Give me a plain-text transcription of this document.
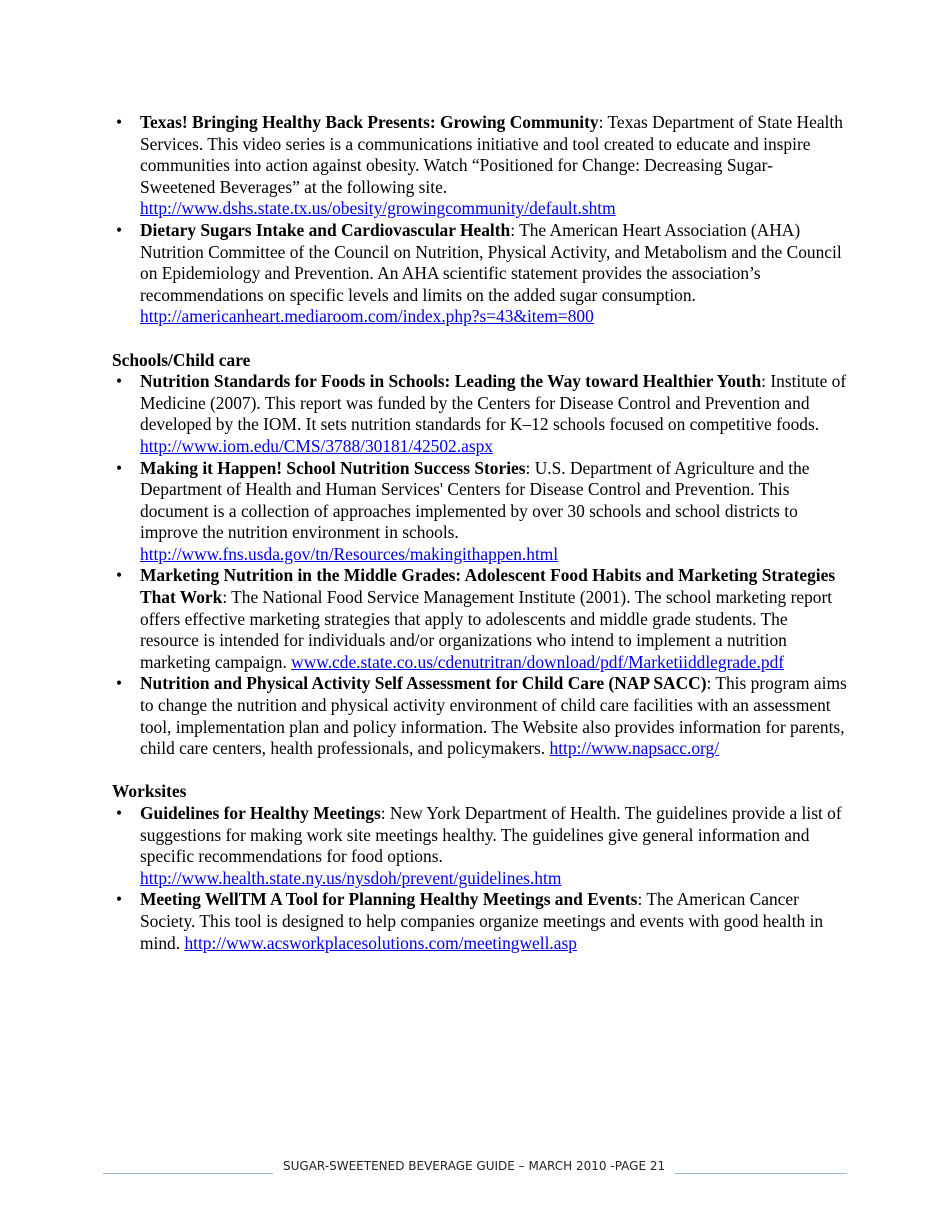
• Texas! Bringing Healthy Back Presents: Growing Community: Texas Department of State Health Services. This video series is a communications initiative and tool created to educate and inspire communities into action against obesity. Watch “Positioned for Change: Decreasing Sugar-Sweetened Beverages” at the following site. http://www.dshs.state.tx.us/obesity/growingcommunity/default.shtm
• Dietary Sugars Intake and Cardiovascular Health: The American Heart Association (AHA) Nutrition Committee of the Council on Nutrition, Physical Activity, and Metabolism and the Council on Epidemiology and Prevention. An AHA scientific statement provides the association’s recommendations on specific levels and limits on the added sugar consumption. http://americanheart.mediaroom.com/index.php?s=43&item=800

Schools/Child care

• Nutrition Standards for Foods in Schools: Leading the Way toward Healthier Youth: Institute of Medicine (2007). This report was funded by the Centers for Disease Control and Prevention and developed by the IOM. It sets nutrition standards for K–12 schools focused on competitive foods. http://www.iom.edu/CMS/3788/30181/42502.aspx
• Making it Happen! School Nutrition Success Stories: U.S. Department of Agriculture and the Department of Health and Human Services' Centers for Disease Control and Prevention. This document is a collection of approaches implemented by over 30 schools and school districts to improve the nutrition environment in schools. http://www.fns.usda.gov/tn/Resources/makingithappen.html
• Marketing Nutrition in the Middle Grades: Adolescent Food Habits and Marketing Strategies That Work: The National Food Service Management Institute (2001). The school marketing report offers effective marketing strategies that apply to adolescents and middle grade students. The resource is intended for individuals and/or organizations who intend to implement a nutrition marketing campaign. www.cde.state.co.us/cdenutritran/download/pdf/Marketiiddlegrade.pdf
• Nutrition and Physical Activity Self Assessment for Child Care (NAP SACC): This program aims to change the nutrition and physical activity environment of child care facilities with an assessment tool, implementation plan and policy information. The Website also provides information for parents, child care centers, health professionals, and policymakers. http://www.napsacc.org/

Worksites

• Guidelines for Healthy Meetings: New York Department of Health. The guidelines provide a list of suggestions for making work site meetings healthy. The guidelines give general information and specific recommendations for food options. http://www.health.state.ny.us/nysdoh/prevent/guidelines.htm
• Meeting WellTM A Tool for Planning Healthy Meetings and Events: The American Cancer Society. This tool is designed to help companies organize meetings and events with good health in mind. http://www.acsworkplacesolutions.com/meetingwell.asp
SUGAR-SWEETENED BEVERAGE GUIDE – MARCH 2010 -PAGE 21
